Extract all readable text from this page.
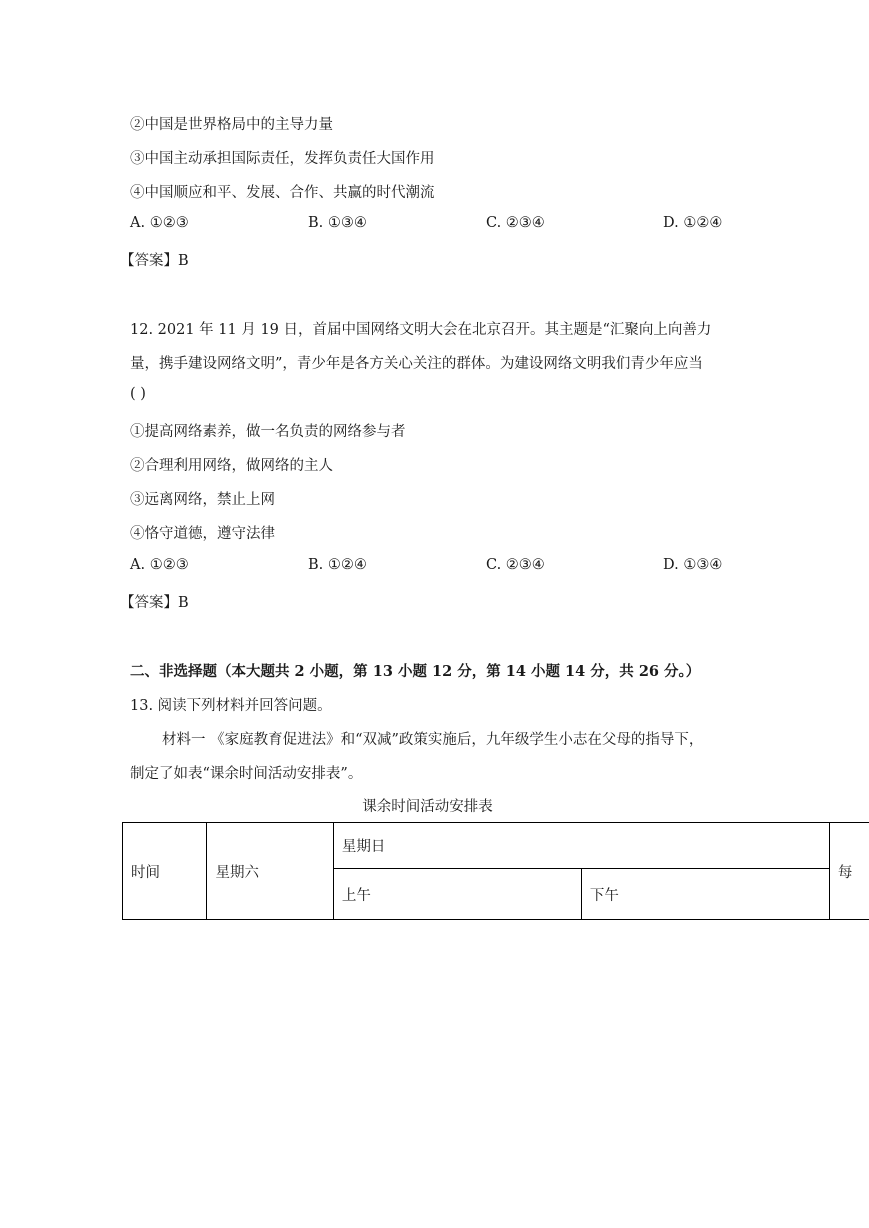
②中国是世界格局中的主导力量
③中国主动承担国际责任，发挥负责任大国作用
④中国顺应和平、发展、合作、共赢的时代潮流
A. ①②③	B. ①③④	C. ②③④	D. ①②④
【答案】B
12. 2021 年 11 月 19 日，首届中国网络文明大会在北京召开。其主题是“汇聚向上向善力
量，携手建设网络文明”，青少年是各方关心关注的群体。为建设网络文明我们青少年应当
( )
①提高网络素养，做一名负责的网络参与者
②合理利用网络，做网络的主人
③远离网络，禁止上网
④恪守道德，遵守法律
A. ①②③	B. ①②④	C. ②③④	D. ①③④
【答案】B
二、非选择题（本大题共 2 小题，第 13 小题 12 分，第 14 小题 14 分，共 26 分。）
13. 阅读下列材料并回答问题。
材料一 《家庭教育促进法》和“双减”政策实施后，九年级学生小志在父母的指导下，
制定了如表“课余时间活动安排表”。
课余时间活动安排表
时间	星期六	星期日		每
		上午	下午	
